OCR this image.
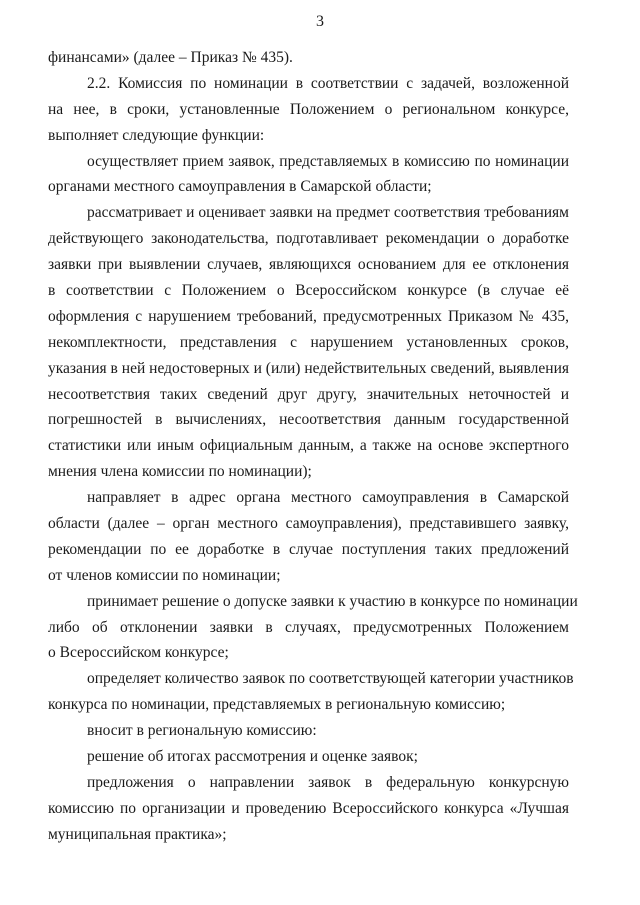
3
финансами» (далее – Приказ № 435).
2.2. Комиссия по номинации в соответствии с задачей, возложенной
на нее, в сроки, установленные Положением о региональном конкурсе,
выполняет следующие функции:
осуществляет прием заявок, представляемых в комиссию по номинации
органами местного самоуправления в Самарской области;
рассматривает и оценивает заявки на предмет соответствия требованиям
действующего законодательства, подготавливает рекомендации о доработке
заявки при выявлении случаев, являющихся основанием для ее отклонения
в соответствии с Положением о Всероссийском конкурсе (в случае её
оформления с нарушением требований, предусмотренных Приказом № 435,
некомплектности, представления с нарушением установленных сроков,
указания в ней недостоверных и (или) недействительных сведений, выявления
несоответствия таких сведений друг другу, значительных неточностей и
погрешностей в вычислениях, несоответствия данным государственной
статистики или иным официальным данным, а также на основе экспертного
мнения члена комиссии по номинации);
направляет в адрес органа местного самоуправления в Самарской
области (далее – орган местного самоуправления), представившего заявку,
рекомендации по ее доработке в случае поступления таких предложений
от членов комиссии по номинации;
принимает решение о допуске заявки к участию в конкурсе по номинации
либо об отклонении заявки в случаях, предусмотренных Положением
о Всероссийском конкурсе;
определяет количество заявок по соответствующей категории участников
конкурса по номинации, представляемых в региональную комиссию;
вносит в региональную комиссию:
решение об итогах рассмотрения и оценке заявок;
предложения о направлении заявок в федеральную конкурсную
комиссию по организации и проведению Всероссийского конкурса «Лучшая
муниципальная практика»;
